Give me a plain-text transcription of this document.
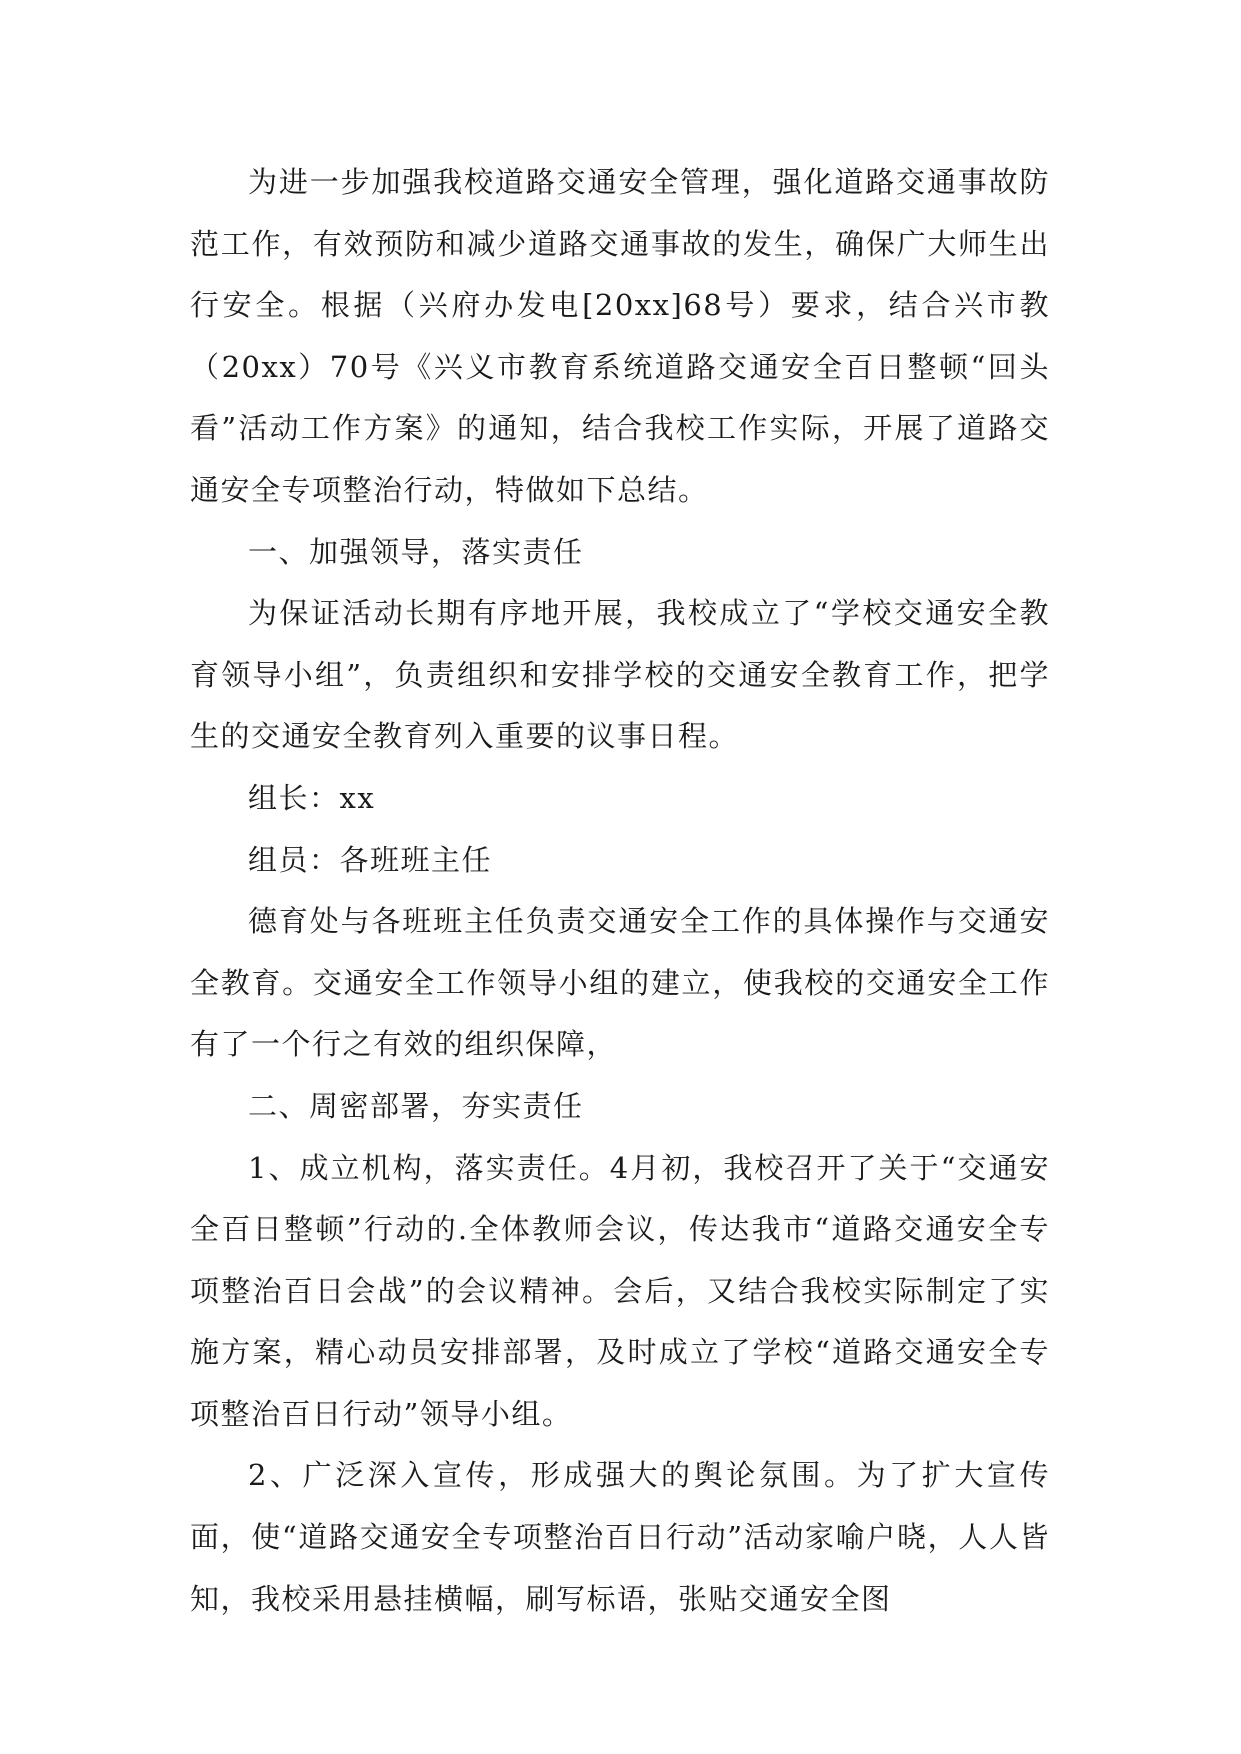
为进一步加强我校道路交通安全管理，强化道路交通事故防范工作，有效预防和减少道路交通事故的发生，确保广大师生出行安全。根据（兴府办发电[20xx]68号）要求，结合兴市教（20xx）70号《兴义市教育系统道路交通安全百日整顿“回头看”活动工作方案》的通知，结合我校工作实际，开展了道路交通安全专项整治行动，特做如下总结。

一、加强领导，落实责任

为保证活动长期有序地开展，我校成立了“学校交通安全教育领导小组”，负责组织和安排学校的交通安全教育工作，把学生的交通安全教育列入重要的议事日程。

组长：xx

组员：各班班主任

德育处与各班班主任负责交通安全工作的具体操作与交通安全教育。交通安全工作领导小组的建立，使我校的交通安全工作有了一个行之有效的组织保障，

二、周密部署，夯实责任

1、成立机构，落实责任。4月初，我校召开了关于“交通安全百日整顿”行动的.全体教师会议，传达我市“道路交通安全专项整治百日会战”的会议精神。会后，又结合我校实际制定了实施方案，精心动员安排部署，及时成立了学校“道路交通安全专项整治百日行动”领导小组。

2、广泛深入宣传，形成强大的舆论氛围。为了扩大宣传面，使“道路交通安全专项整治百日行动”活动家喻户晓，人人皆知，我校采用悬挂横幅，刷写标语，张贴交通安全图
